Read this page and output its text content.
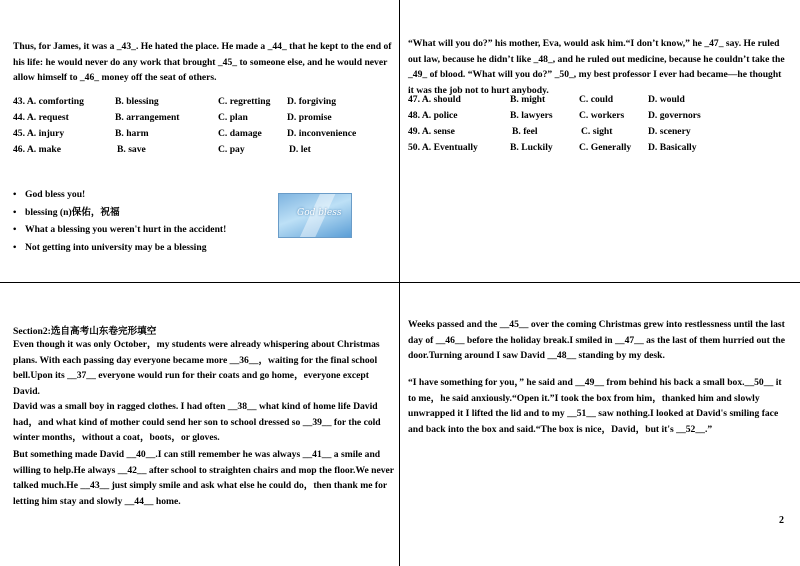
Thus, for James, it was a _43_. He hated the place. He made a _44_ that he kept to the end of his life: he would never do any work that brought _45_ to someone else, and he would never allow himself to _46_ money off the seat of others.
43. A. comforting	B. blessing	C. regretting D. forgiving
44. A. request	B. arrangement	C. plan	D. promise
45. A. injury	B. harm	C. damage	D. inconvenience
46. A. make	B. save	C. pay	D. let
• God bless you!
• blessing (n)保佑，祝福
• What a blessing you weren't hurt in the accident!
• Not getting into university may be a blessing
God bless
“What will you do?” his mother, Eva, would ask him.“I don’t know,” he _47_ say. He ruled out law, because he didn’t like _48_, and he ruled out medicine, because he couldn’t take the _49_ of blood. “What will you do?” _50_, my best professor I ever had became—he thought it was the job not to hurt anybody.
47. A. should	B. might	C. could	D. would
48. A. police	B. lawyers	C. workers D. governors
49. A. sense	B. feel	C. sight	D. scenery
50. A. Eventually	B. Luckily	C. Generally D. Basically
Section2:选自高考山东卷完形填空
Even though it was only October，my students were already whispering about Christmas plans. With each passing day everyone became more __36__，waiting for the final school bell.Upon its __37__ everyone would run for their coats and go home，everyone except David.
David was a small boy in ragged clothes. I had often __38__ what kind of home life David had，and what kind of mother could send her son to school dressed so __39__ for the cold winter months，without a coat，boots，or gloves.
But something made David __40__.I can still remember he was always __41__ a smile and willing to help.He always __42__ after school to straighten chairs and mop the floor.We never talked much.He __43__ just simply smile and ask what else he could do，then thank me for letting him stay and slowly __44__ home.
Weeks passed and the __45__ over the coming Christmas grew into restlessness until the last day of __46__ before the holiday break.I smiled in __47__ as the last of them hurried out the door.Turning around I saw David __48__ standing by my desk.
“I have something for you，” he said and __49__ from behind his back a small box.__50__ it to me，he said anxiously.“Open it.”I took the box from him，thanked him and slowly unwrapped it I lifted the lid and to my __51__ saw nothing.I looked at David's smiling face and back into the box and said.“The box is nice，David，but it's __52__.”
2
